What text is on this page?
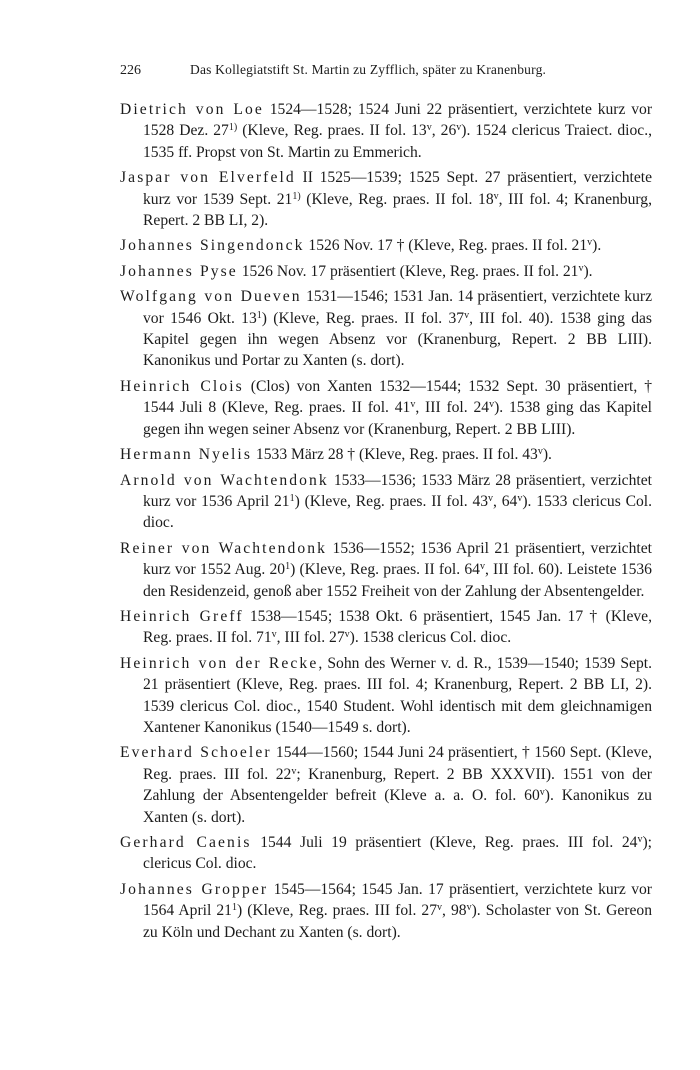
226	Das Kollegiatstift St. Martin zu Zyfflich, später zu Kranenburg.

Dietrich von Loe 1524—1528; 1524 Juni 22 präsentiert, verzichtete kurz vor 1528 Dez. 27$^{1)}$ (Kleve, Reg. praes. II fol. 13$^v$, 26$^v$). 1524 clericus Traiect. dioc., 1535 ff. Propst von St. Martin zu Emmerich.

Jaspar von Elverfeld II 1525—1539; 1525 Sept. 27 präsentiert, verzichtete kurz vor 1539 Sept. 21$^{1)}$ (Kleve, Reg. praes. II fol. 18$^v$, III fol. 4; Kranenburg, Repert. 2 BB LI, 2).

Johannes Singendonck 1526 Nov. 17 † (Kleve, Reg. praes. II fol. 21$^v$).

Johannes Pyse 1526 Nov. 17 präsentiert (Kleve, Reg. praes. II fol. 21$^v$).

Wolfgang von Dueven 1531—1546; 1531 Jan. 14 präsentiert, verzichtete kurz vor 1546 Okt. $13^1$) (Kleve, Reg. praes. II fol. 37$^v$, III fol. 40). 1538 ging das Kapitel gegen ihn wegen Absenz vor (Kranenburg, Repert. 2 BB LIII). Kanonikus und Portar zu Xanten (s. dort).

Heinrich Clois (Clos) von Xanten 1532—1544; 1532 Sept. 30 präsentiert, † 1544 Juli 8 (Kleve, Reg. praes. II fol. 41$^v$, III fol. 24$^v$). 1538 ging das Kapitel gegen ihn wegen seiner Absenz vor (Kranenburg, Repert. 2 BB LIII).

Hermann Nyelis 1533 März 28 † (Kleve, Reg. praes. II fol. 43$^v$).

Arnold von Wachtendonk 1533—1536; 1533 März 28 präsentiert, verzichtet kurz vor 1536 April $21^1$) (Kleve, Reg. praes. II fol. 43$^v$, 64$^v$). 1533 clericus Col. dioc.

Reiner von Wachtendonk 1536—1552; 1536 April 21 präsentiert, verzichtet kurz vor 1552 Aug. $20^1$) (Kleve, Reg. praes. II fol. 64$^v$, III fol. 60). Leistete 1536 den Residenzeid, genoß aber 1552 Freiheit von der Zahlung der Absentengelder.

Heinrich Greff 1538—1545; 1538 Okt. 6 präsentiert, 1545 Jan. 17 † (Kleve, Reg. praes. II fol. 71$^v$, III fol. 27$^v$). 1538 clericus Col. dioc.

Heinrich von der Recke, Sohn des Werner v. d. R., 1539—1540; 1539 Sept. 21 präsentiert (Kleve, Reg. praes. III fol. 4; Kranenburg, Repert. 2 BB LI, 2). 1539 clericus Col. dioc., 1540 Student. Wohl identisch mit dem gleichnamigen Xantener Kanonikus (1540—1549 s. dort).

Everhard Schoeler 1544—1560; 1544 Juni 24 präsentiert, † 1560 Sept. (Kleve, Reg. praes. III fol. 22$^v$; Kranenburg, Repert. 2 BB XXXVII). 1551 von der Zahlung der Absentengelder befreit (Kleve a. a. O. fol. 60$^v$). Kanonikus zu Xanten (s. dort).

Gerhard Caenis 1544 Juli 19 präsentiert (Kleve, Reg. praes. III fol. 24$^v$); clericus Col. dioc.

Johannes Gropper 1545—1564; 1545 Jan. 17 präsentiert, verzichtete kurz vor 1564 April $21^1$) (Kleve, Reg. praes. III fol. 27$^v$, 98$^v$). Scholaster von St. Gereon zu Köln und Dechant zu Xanten (s. dort).
